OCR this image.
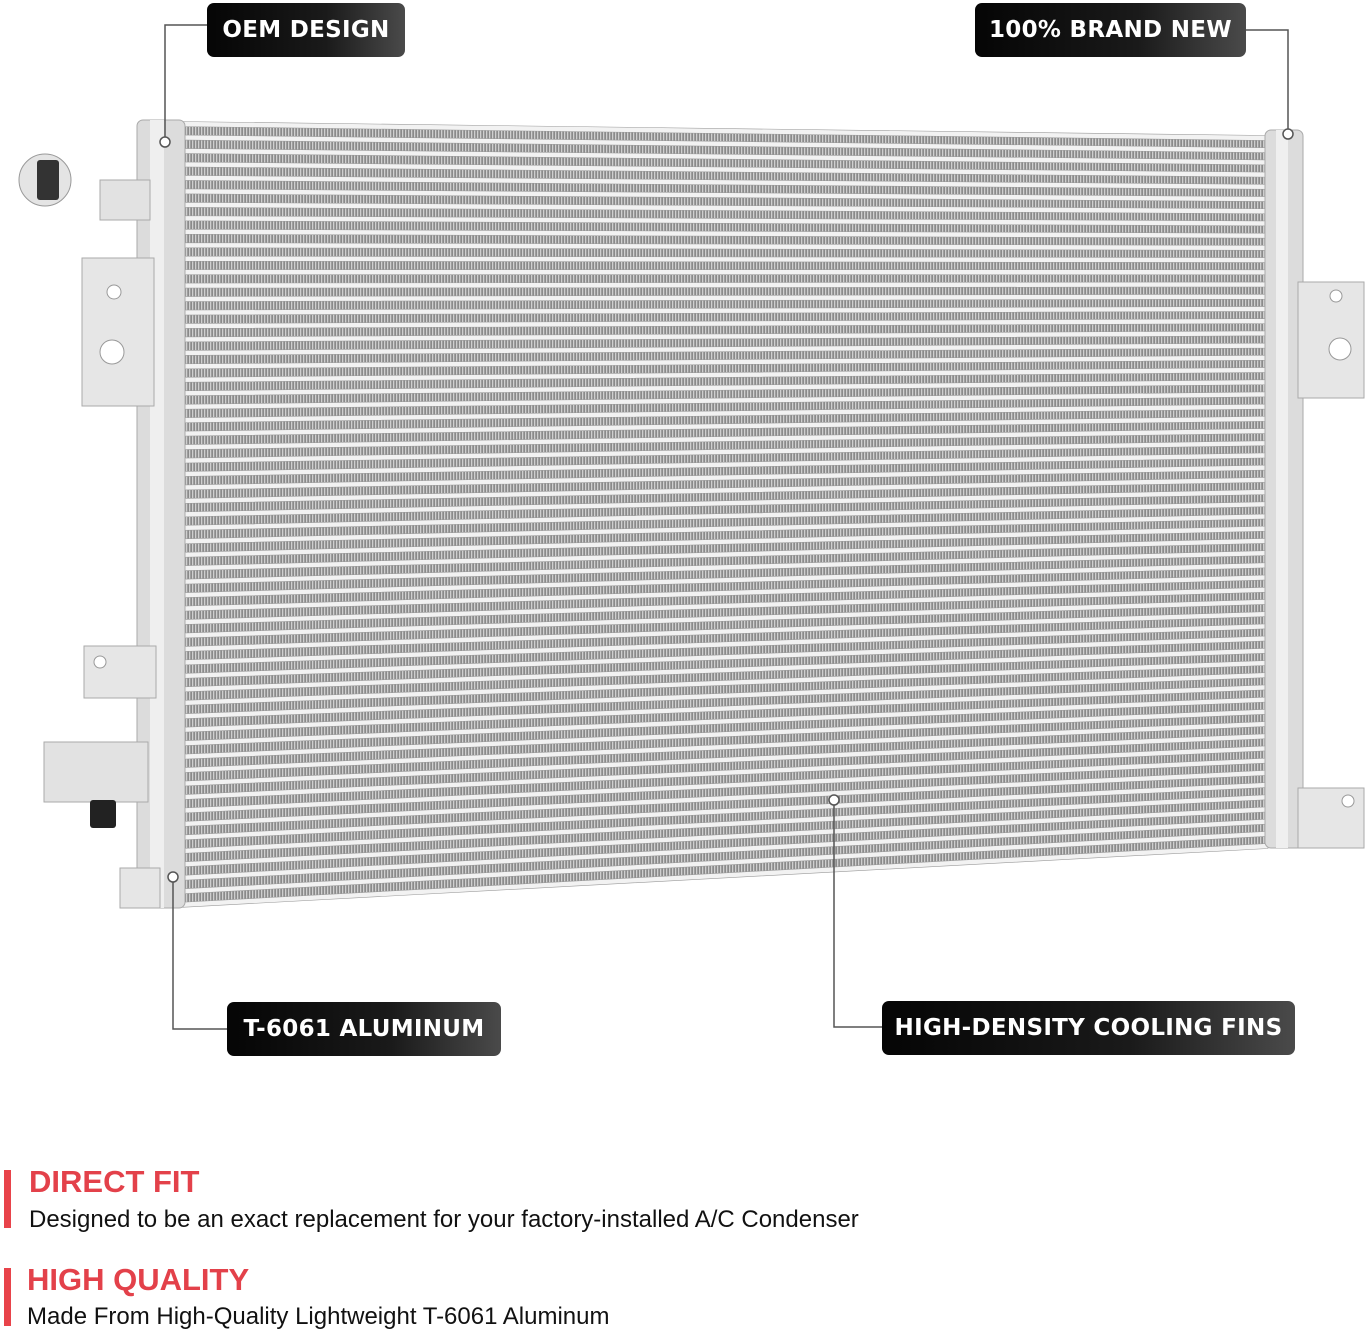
OEM DESIGN	100% BRAND NEW
T-6061 ALUMINUM	HIGH-DENSITY COOLING FINS
DIRECT FIT
Designed to be an exact replacement for your factory-installed A/C Condenser
HIGH QUALITY
Made From High-Quality Lightweight T-6061 Aluminum
